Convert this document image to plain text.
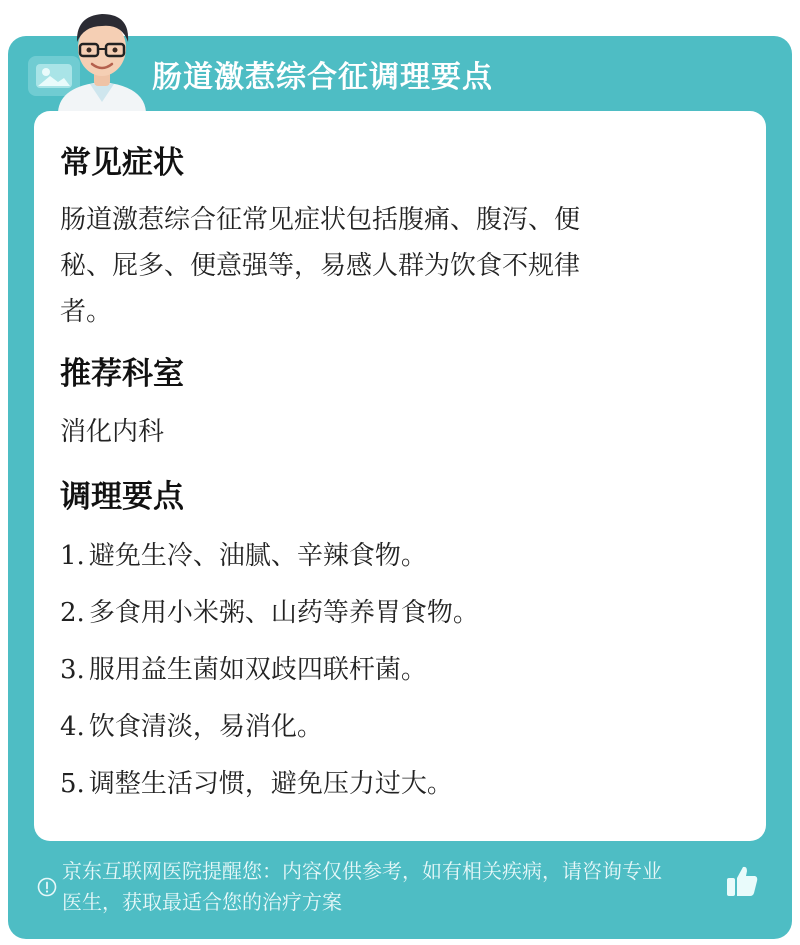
肠道激惹综合征调理要点
常见症状
肠道激惹综合征常见症状包括腹痛、腹泻、便
秘、屁多、便意强等，易感人群为饮食不规律
者。
推荐科室
消化内科
调理要点
1. 避免生冷、油腻、辛辣食物。
2. 多食用小米粥、山药等养胃食物。
3. 服用益生菌如双歧四联杆菌。
4. 饮食清淡，易消化。
5. 调整生活习惯，避免压力过大。
京东互联网医院提醒您：内容仅供参考，如有相关疾病，请咨询专业
医生，获取最适合您的治疗方案
